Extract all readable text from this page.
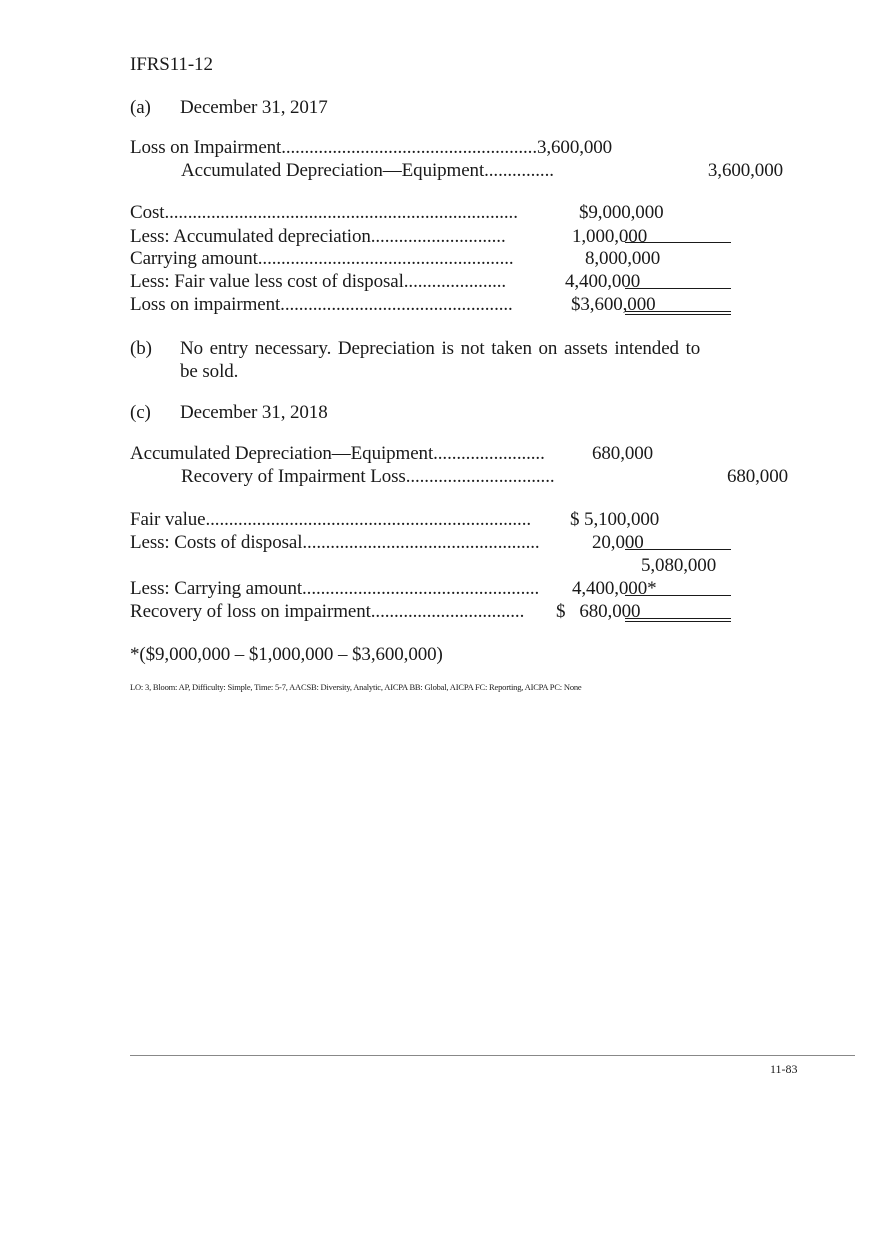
IFRS11-12
(a) December 31, 2017
Loss on Impairment.......................................................3,600,000
Accumulated Depreciation—Equipment...............	3,600,000
Cost............................................................................	$9,000,000
Less: Accumulated depreciation.............................	1,000,000
Carrying amount.......................................................	8,000,000
Less: Fair value less cost of disposal......................	4,400,000
Loss on impairment..................................................	$3,600,000
(b) No entry necessary. Depreciation is not taken on assets intended to
be sold.
(c) December 31, 2018
Accumulated Depreciation—Equipment........................ 680,000
Recovery of Impairment Loss................................	680,000
Fair value...................................................................... $ 5,100,000
Less: Costs of disposal...................................................	20,000
5,080,000
Less: Carrying amount................................................... 4,400,000*
Recovery of loss on impairment................................. $   680,000
*($9,000,000 – $1,000,000 – $3,600,000)
LO: 3, Bloom: AP, Difficulty: Simple, Time: 5-7, AACSB: Diversity, Analytic, AICPA BB: Global, AICPA FC: Reporting, AICPA PC: None
11-83
